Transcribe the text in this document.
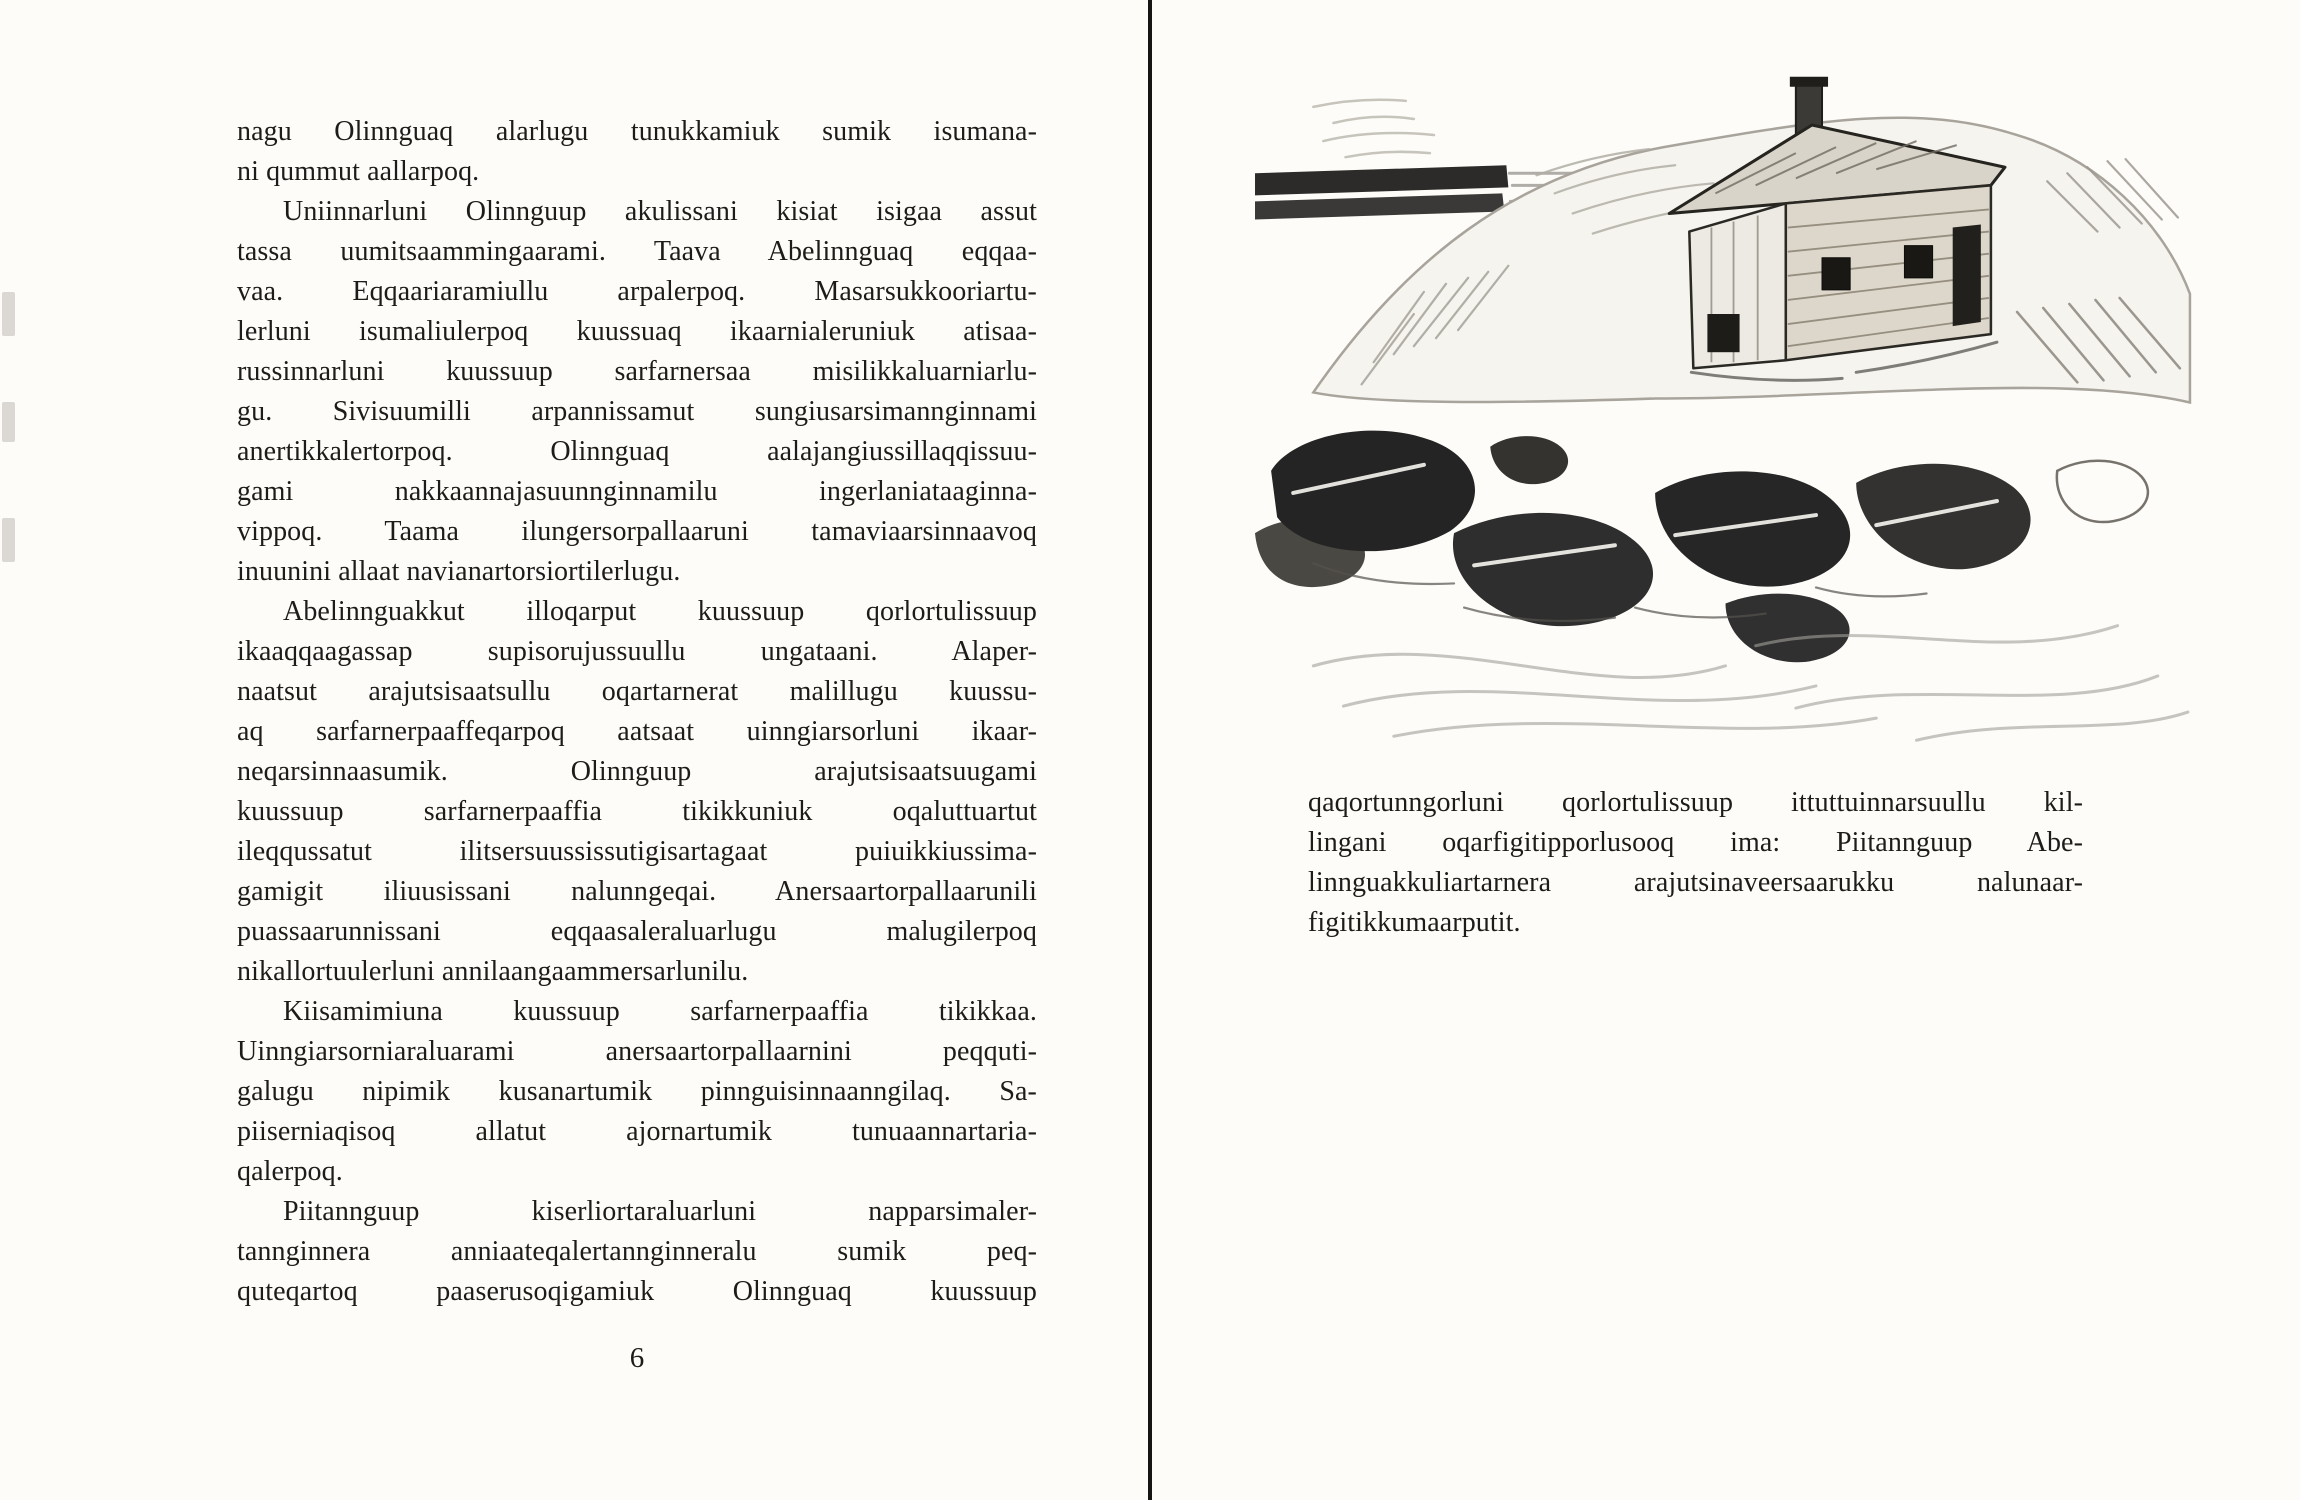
nagu Olinnguaq alarlugu tunukkamiuk sumik isumana-
ni qummut aallarpoq.
Uniinnarluni Olinnguup akulissani kisiat isigaa assut
tassa uumitsaammingaarami. Taava Abelinnguaq eqqaa-
vaa. Eqqaariaramiullu arpalerpoq. Masarsukkooriartu-
lerluni isumaliulerpoq kuussuaq ikaarnialeruniuk atisaa-
russinnarluni kuussuup sarfarnersaa misilikkaluarniarlu-
gu. Sivisuumilli arpannissamut sungiusarsimannginnami
anertikkalertorpoq. Olinnguaq aalajangiussillaqqissuu-
gami nakkaannajasuunnginnamilu ingerlaniataaginna-
vippoq. Taama ilungersorpallaaruni tamaviaarsinnaavoq
inuunini allaat navianartorsiortilerlugu.
Abelinnguakkut illoqarput kuussuup qorlortulissuup
ikaaqqaagassap supisorujussuullu ungataani. Alaper-
naatsut arajutsisaatsullu oqartarnerat malillugu kuussu-
aq sarfarnerpaaffeqarpoq aatsaat uinngiarsorluni ikaar-
neqarsinnaasumik. Olinnguup arajutsisaatsuugami
kuussuup sarfarnerpaaffia tikikkuniuk oqaluttuartut
ileqqussatut ilitsersuussissutigisartagaat puiuikkiussima-
gamigit iliuusissani nalunngeqai. Anersaartorpallaarunili
puassaarunnissani eqqaasaleraluarlugu malugilerpoq
nikallortuulerluni annilaangaammersarlunilu.
Kiisamimiuna kuussuup sarfarnerpaaffia tikikkaa.
Uinngiarsorniaraluarami anersaartorpallaarnini peqquti-
galugu nipimik kusanartumik pinnguisinnaanngilaq. Sa-
piiserniaqisoq allatut ajornartumik tunuaannartaria-
qalerpoq.
Piitannguup kiserliortaraluarluni napparsimaler-
tannginnera anniaateqalertannginneralu sumik peq-
quteqartoq paaserusoqigamiuk Olinnguaq kuussuup
6
qaqortunngorluni qorlortulissuup ittuttuinnarsuullu kil-
lingani oqarfigitipporlusooq ima: Piitannguup Abe-
linnguakkuliartarnera arajutsinaveersaarukku nalunaar-
figitikkumaarputit.
